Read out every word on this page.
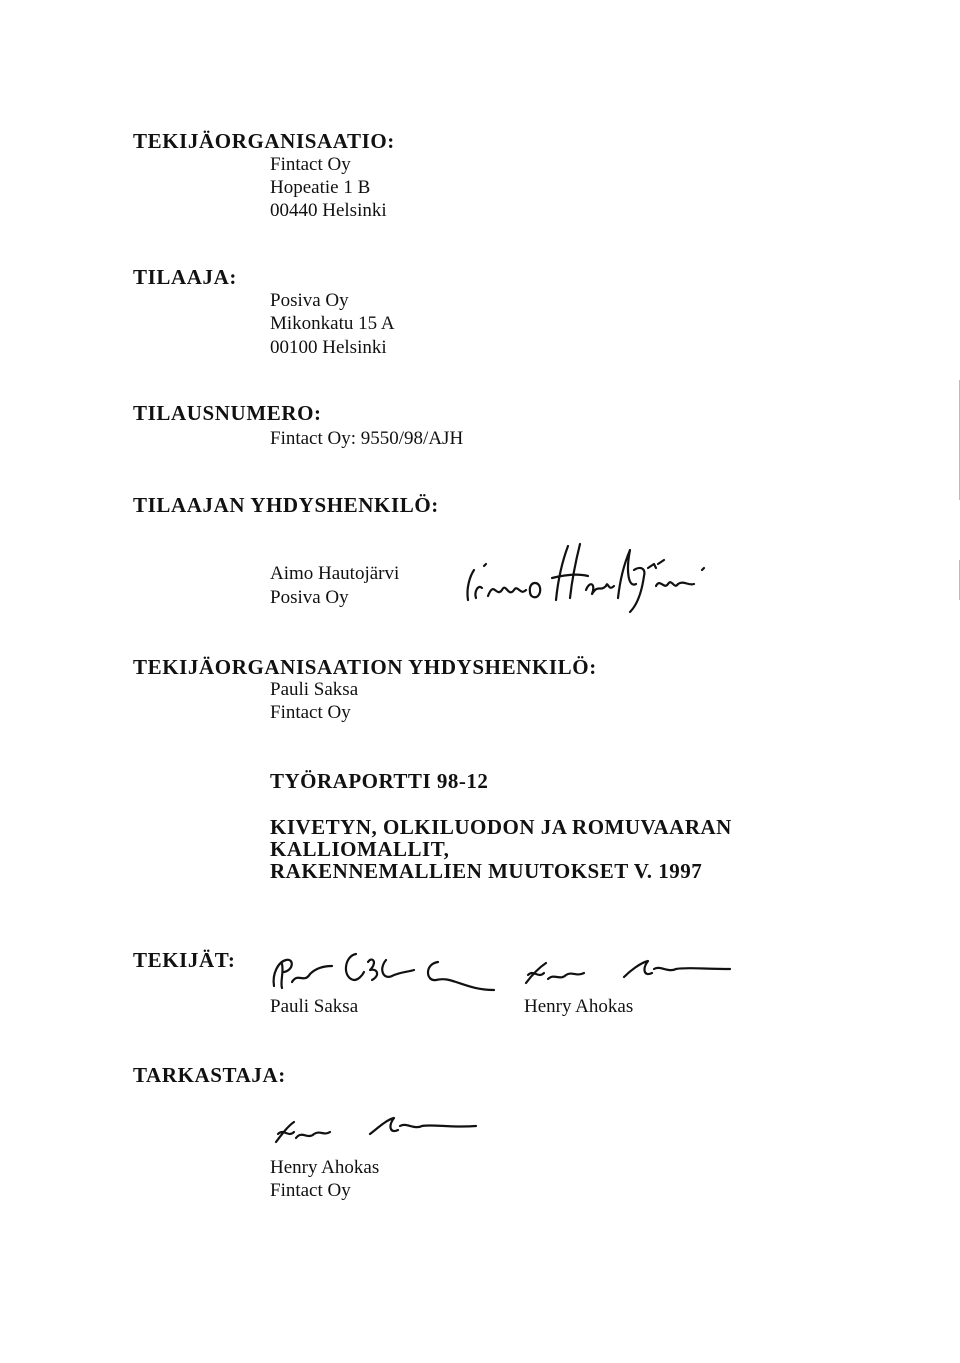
TEKIJÄORGANISAATIO:
Fintact Oy
Hopeatie 1 B
00440 Helsinki
TILAAJA:
Posiva Oy
Mikonkatu 15 A
00100 Helsinki
TILAUSNUMERO:
Fintact Oy: 9550/98/AJH
TILAAJAN YHDYSHENKILÖ:
Aimo Hautojärvi
Posiva Oy
TEKIJÄORGANISAATION YHDYSHENKILÖ:
Pauli Saksa
Fintact Oy
TYÖRAPORTTI 98-12
KIVETYN, OLKILUODON JA ROMUVAARAN
KALLIOMALLIT,
RAKENNEMALLIEN MUUTOKSET V. 1997
TEKIJÄT:
Pauli Saksa	Henry Ahokas
TARKASTAJA:
Henry Ahokas
Fintact Oy
